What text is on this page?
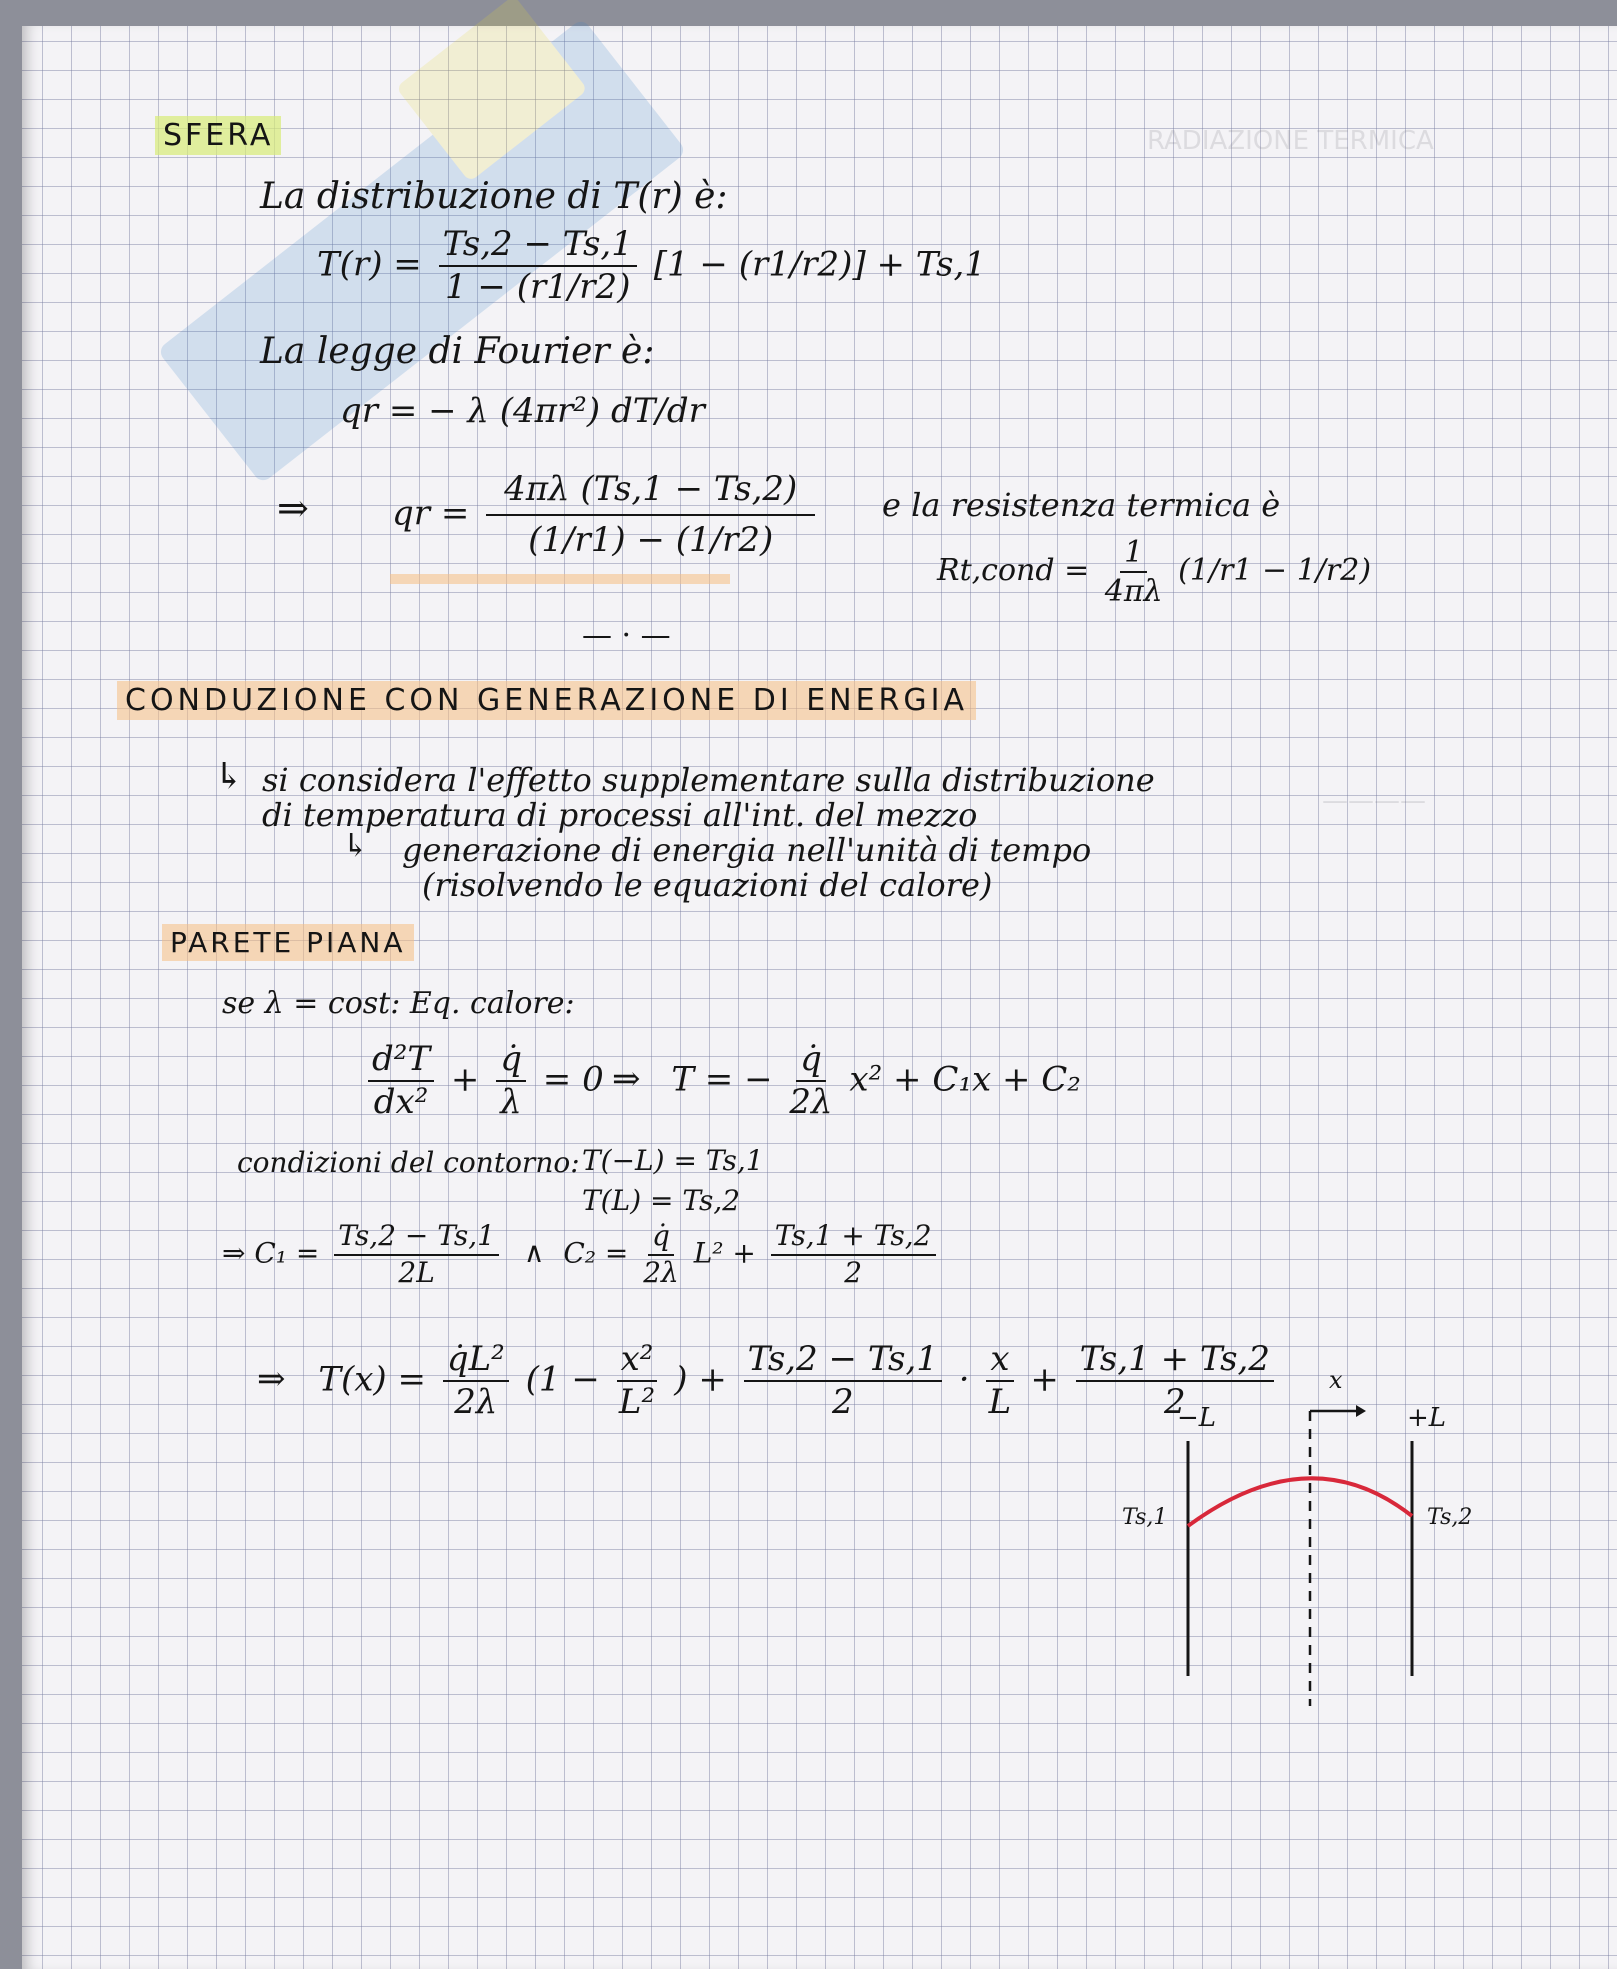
RADIAZIONE TERMICA
————
SFERA
La distribuzione di T(r) è:
$T(r) = \frac{Ts,2 - Ts,1}{1 - (r1/r2)} [1 - (r1/r2)] + Ts,1$
La legge di Fourier è:
qr = − λ (4πr²) dT/dr
⇒ qr = $\frac{4\pi\lambda (Ts,1 - Ts,2)}{(1/r1) - (1/r2)}$ e la resistenza termica è
Rt,cond = $\frac{1}{4\pi\lambda} (1/r1 - 1/r2)$
— · —
CONDUZIONE CON GENERAZIONE DI ENERGIA
↳ si considera l'effetto supplementare sulla distribuzione
di temperatura di processi all'int. del mezzo
↳ generazione di energia nell'unità di tempo
(risolvendo le equazioni del calore)
PARETE PIANA
se λ = cost: Eq. calore:
$\frac{\text{d²T}}{\text{dx²}} + \frac{q̇}{\lambda} = 0$ ⇒ T = − $\frac{q̇}{2\lambda} x^2 + C_1x + C_2$
condizioni del contorno: T(−L) = Ts,1
T(L) = Ts,2
⇒ $C_1 = \frac{Ts,2 - Ts,1}{2L}$ ∧ $C_2 = \frac{q̇}{2\lambda} L^2 + \frac{Ts,1 + Ts,2}{2}$
⇒ $T(x) = \frac{\text{q̇L²}}{2\lambda} (1 - \frac{\text{x²}}{\text{L²}}$ ) + $\frac{Ts,2 - Ts,1}{2} \cdot \frac{x}{L} + \frac{Ts,1 + Ts,2}{2}$
−L	+L
x
Ts,1	Ts,2
